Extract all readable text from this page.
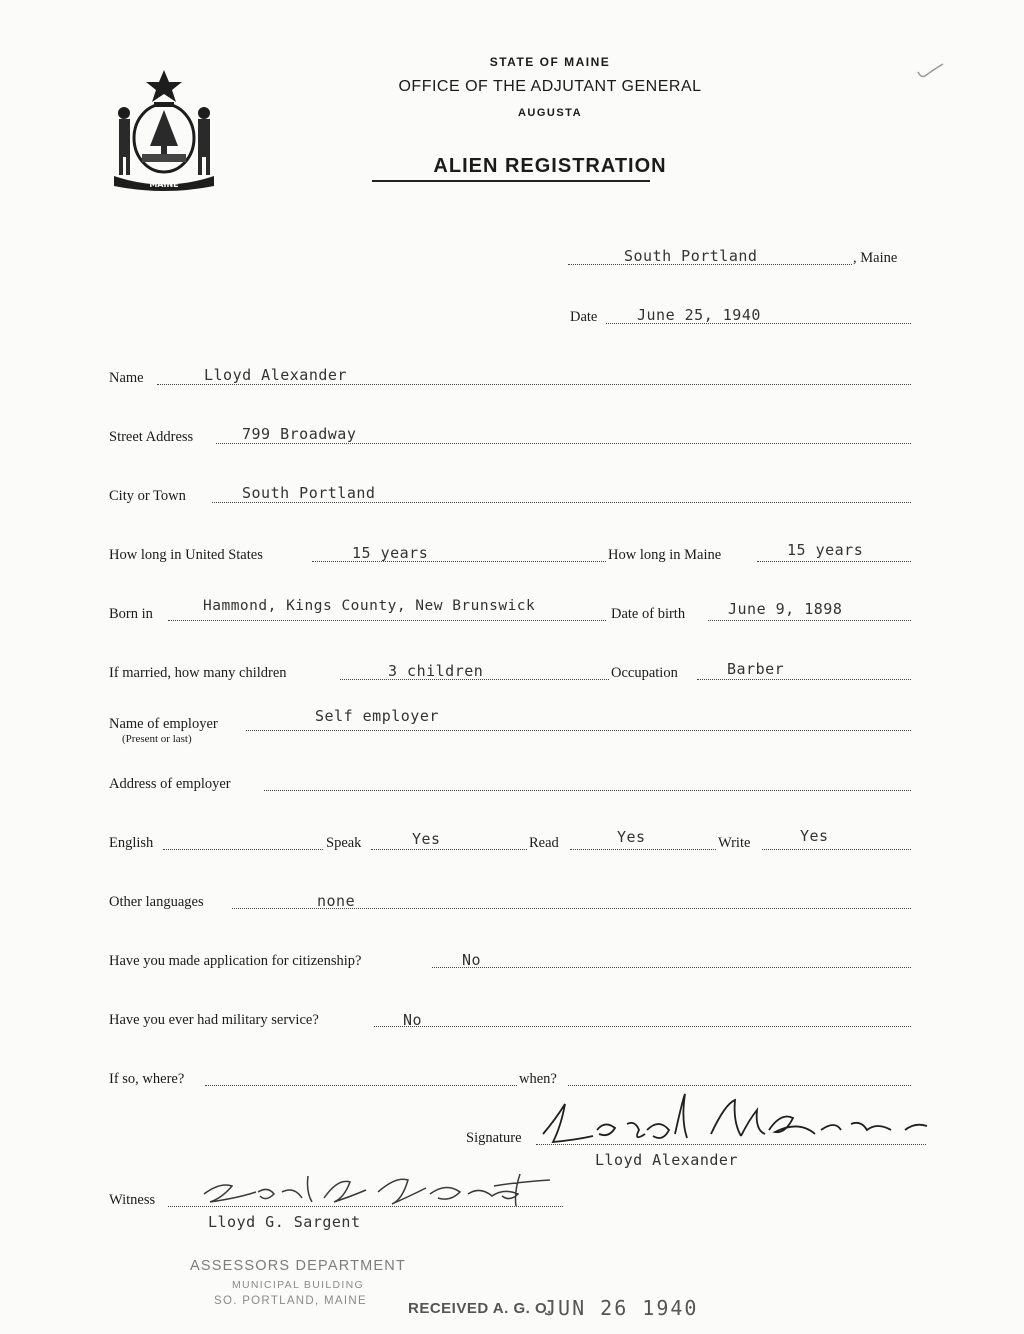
MAINE
STATE OF MAINE
OFFICE OF THE ADJUTANT GENERAL
AUGUSTA
ALIEN REGISTRATION
South Portland	, Maine
Date	June 25, 1940
Name	Lloyd Alexander
Street Address	799 Broadway
City or Town	South Portland
How long in United States	15 years	How long in Maine	15 years
Born in	Hammond, Kings County, New Brunswick	Date of birth	June 9, 1898
If married, how many children	3 children	Occupation	Barber
Name of employer
(Present or last)
Self employer
Address of employer
English	Speak	Yes	Read	Yes	Write	Yes
Other languages	none
Have you made application for citizenship?	No
Have you ever had military service?	No
If so, where?	when?
Signature
Lloyd Alexander
Witness
Lloyd G. Sargent
ASSESSORS DEPARTMENT
MUNICIPAL BUILDING
SO. PORTLAND, MAINE	RECEIVED A. G. O.
JUN 26 1940
